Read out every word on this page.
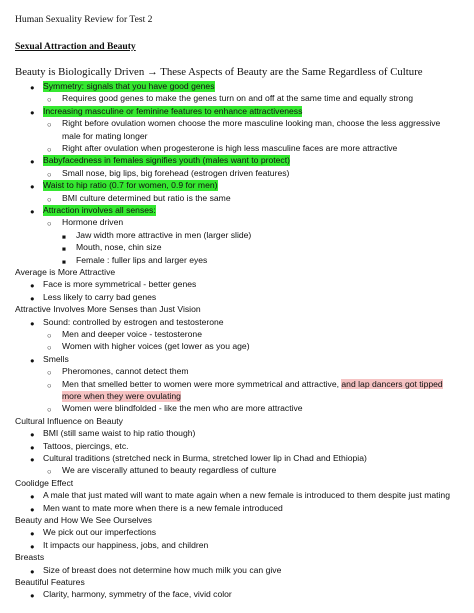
Human Sexuality Review for Test 2
Sexual Attraction and Beauty
Beauty is Biologically Driven → These Aspects of Beauty are the Same Regardless of Culture
● Symmetry: signals that you have good genes
○ Requires good genes to make the genes turn on and off at the same time and equally strong
● Increasing masculine or feminine features to enhance attractiveness
○ Right before ovulation women choose the more masculine looking man, choose the less aggressive
male for mating longer
○ Right after ovulation when progesterone is high less masculine faces are more attractive
● Babyfacedness in females signifies youth (males want to protect)
○ Small nose, big lips, big forehead (estrogen driven features)
● Waist to hip ratio (0.7 for women, 0.9 for men)
○ BMI culture determined but ratio is the same
● Attraction involves all senses:
○ Hormone driven
■ Jaw width more attractive in men (larger slide)
■ Mouth, nose, chin size
■ Female : fuller lips and larger eyes
Average is More Attractive
● Face is more symmetrical - better genes
● Less likely to carry bad genes
Attractive Involves More Senses than Just Vision
● Sound: controlled by estrogen and testosterone
○ Men and deeper voice - testosterone
○ Women with higher voices (get lower as you age)
● Smells
○ Pheromones, cannot detect them
○ Men that smelled better to women were more symmetrical and attractive, and lap dancers got tipped
more when they were ovulating
○ Women were blindfolded - like the men who are more attractive
Cultural Influence on Beauty
● BMI (still same waist to hip ratio though)
● Tattoos, piercings, etc.
● Cultural traditions (stretched neck in Burma, stretched lower lip in Chad and Ethiopia)
○ We are viscerally attuned to beauty regardless of culture
Coolidge Effect
● A male that just mated will want to mate again when a new female is introduced to them despite just mating
● Men want to mate more when there is a new female introduced
Beauty and How We See Ourselves
● We pick out our imperfections
● It impacts our happiness, jobs, and children
Breasts
● Size of breast does not determine how much milk you can give
Beautiful Features
● Clarity, harmony, symmetry of the face, vivid color
